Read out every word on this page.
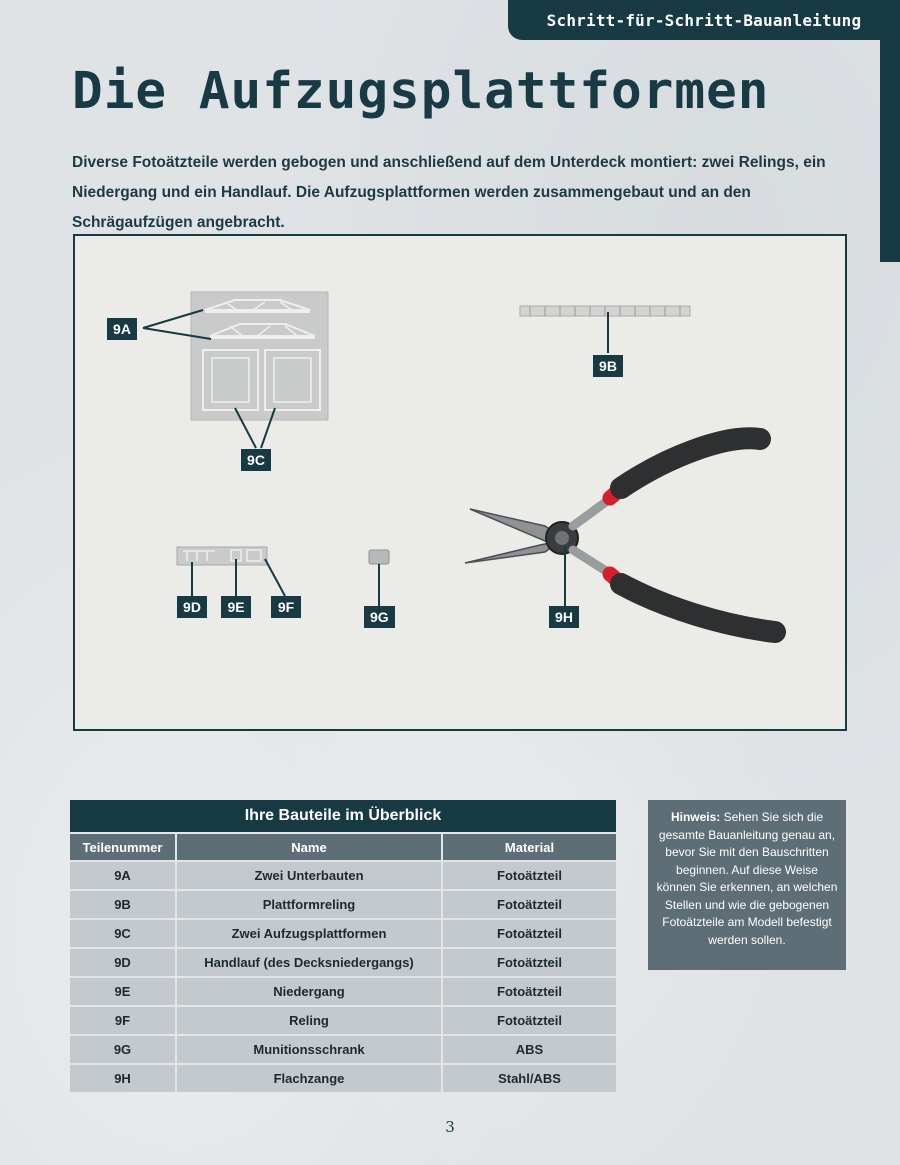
Schritt-für-Schritt-Bauanleitung
Die Aufzugsplattformen

Diverse Fotoätzteile werden gebogen und anschließend auf dem Unterdeck montiert: zwei Relings, ein Niedergang und ein Handlauf. Die Aufzugsplattformen werden zusammengebaut und an den Schrägaufzügen angebracht.

9A
9B
9C
9D	9E	9F
9G	9H
Ihre Bauteile im Überblick		
Teilenummer	Name	Material
9A	Zwei Unterbauten	Fotoätzteil
9B	Plattformreling	Fotoätzteil
9C	Zwei Aufzugsplattformen	Fotoätzteil
9D	Handlauf (des Decksniedergangs)	Fotoätzteil
9E	Niedergang	Fotoätzteil
9F	Reling	Fotoätzteil
9G	Munitionsschrank	ABS
9H	Flachzange	Stahl/ABS
Hinweis: Sehen Sie sich die gesamte Bauanleitung genau an, bevor Sie mit den Bauschritten beginnen. Auf diese Weise können Sie erkennen, an welchen Stellen und wie die gebogenen Fotoätzteile am Modell befestigt werden sollen.
3
